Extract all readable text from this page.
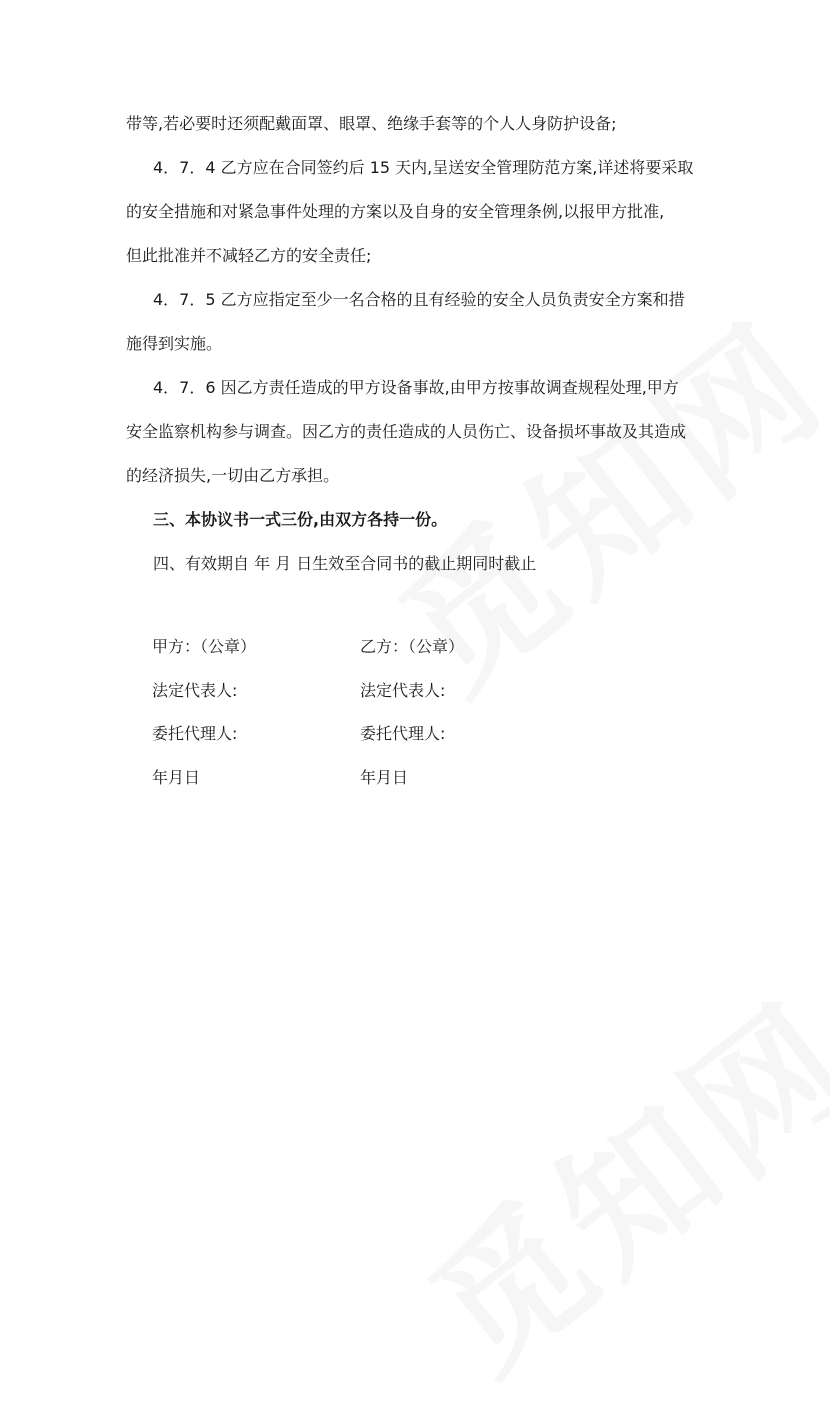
带等,若必要时还须配戴面罩、眼罩、绝缘手套等的个人人身防护设备;

4．7．4 乙方应在合同签约后 15 天内,呈送安全管理防范方案,详述将要采取

的安全措施和对紧急事件处理的方案以及自身的安全管理条例,以报甲方批准,

但此批准并不减轻乙方的安全责任;

4．7．5 乙方应指定至少一名合格的且有经验的安全人员负责安全方案和措

施得到实施。

4．7．6 因乙方责任造成的甲方设备事故,由甲方按事故调查规程处理,甲方

安全监察机构参与调查。因乙方的责任造成的人员伤亡、设备损坏事故及其造成

的经济损失,一切由乙方承担。

三、本协议书一式三份,由双方各持一份。

四、有效期自 年 月 日生效至合同书的截止期同时截止

甲方：（公章）	乙方：（公章）
法定代表人:	法定代表人:
委托代理人:	委托代理人:
年月日	年月日
